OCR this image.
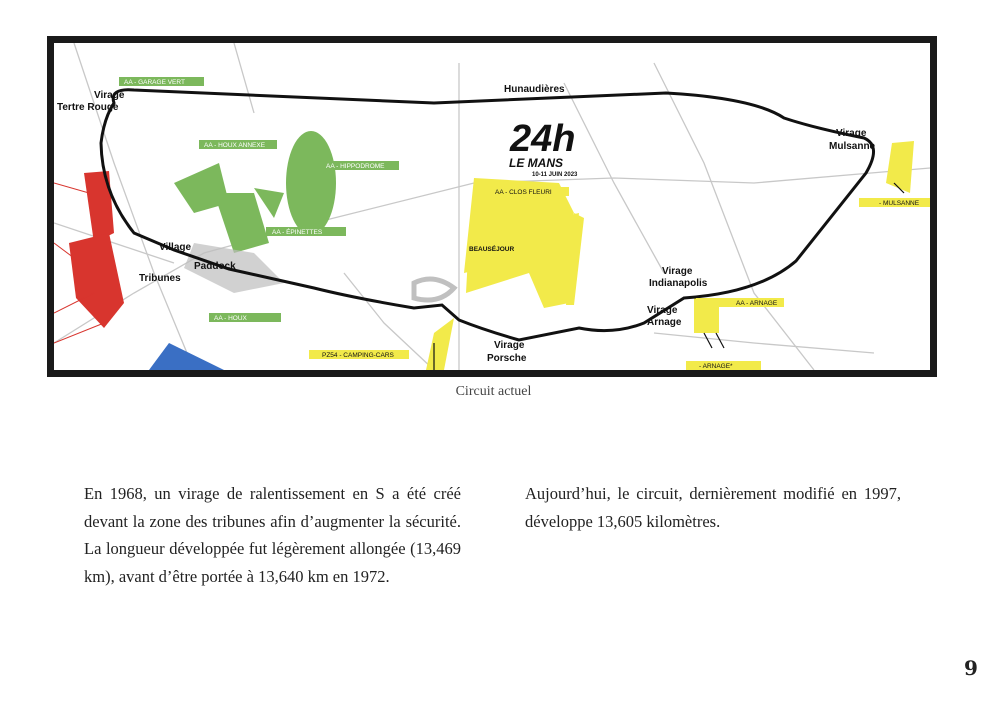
Hunaudières
Virage
Tertre Rouge
Virage
Mulsanne
Virage
Indianapolis
Virage
Arnage
Virage
Porsche
Village
Paddock
Tribunes
AA - GARAGE VERT
AA - HOUX ANNEXE
AA - HIPPODROME
AA - ÉPINETTES
AA - HOUX
AA - CLOS FLEURI
BEAUSÉJOUR
AA - ARNAGE
- ARNAGE*
- MULSANNE
PZ54 - CAMPING-CARS
24h
LE MANS
10-11 JUIN 2023
Circuit actuel
En 1968, un virage de ralentissement en S a été créé devant la zone des tribunes afin d’augmenter la sécurité. La longueur développée fut légèrement allongée (13,469 km), avant d’être portée à 13,640 km en 1972.
Aujourd’hui, le circuit, dernièrement modifié en 1997, développe 13,605 kilomètres.
9
